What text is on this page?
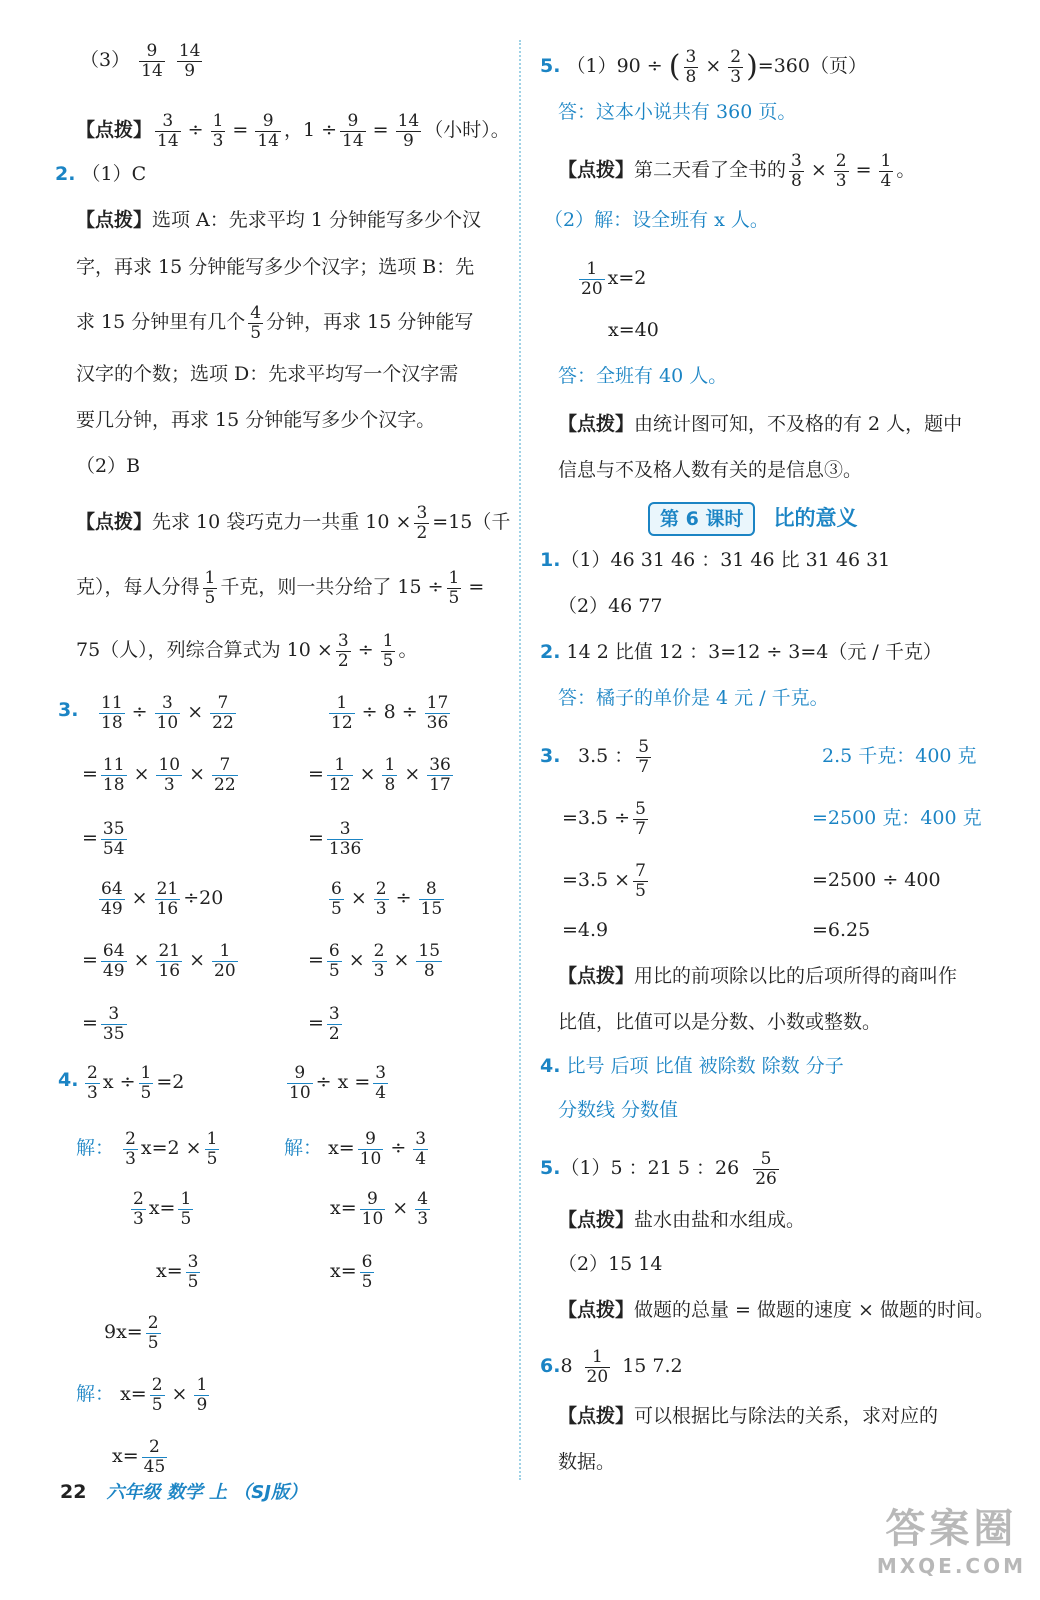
$(3) \frac{9}{14}$
$\frac{14}{9}$
【点拨】 $\frac{3}{14} \div \frac{1}{3} = \frac{9}{14}$ ，$1 \div \frac{9}{14} = \frac{14}{9}$ （小时）。
2. （1）C
【点拨】选项 A：先求平均 1 分钟能写多少个汉
字，再求 15 分钟能写多少个汉字；选项 B：先
求 15 分钟里有几个 $\frac{4}{5}$ 分钟，再求 15 分钟能写
汉字的个数；选项 D：先求平均写一个汉字需
要几分钟，再求 15 分钟能写多少个汉字。
（2）B
【点拨】先求 10 袋巧克力一共重 $10 \times \frac{3}{2} =15$（千
克），每人分得 $\frac{1}{5}$ 千克，则一共分给了 $15 \div \frac{1}{5}$ =
75（人），列综合算式为 $10 \times \frac{3}{2} \div \frac{1}{5}$ 。
3. $\frac{11}{18} \div \frac{3}{10} \times \frac{7}{22}$
= $\frac{11}{18} \times \frac{10}{3} \times \frac{7}{22}$
= $\frac{35}{54}$
$\frac{64}{49} \times \frac{21}{16} \div 20$
= $\frac{64}{49} \times \frac{21}{16} \times \frac{1}{20}$
= $\frac{3}{35}$
$\frac{1}{12} \div 8 \div \frac{17}{36}$
= $\frac{1}{12} \times \frac{1}{8} \times \frac{36}{17}$
= $\frac{3}{136}$
$\frac{6}{5} \times \frac{2}{3} \div \frac{8}{15}$
= $\frac{6}{5} \times \frac{2}{3} \times \frac{15}{8}$
= $\frac{3}{2}$
4. $\frac{2}{3}$ $x \div \frac{1}{5} =2$
解： $\frac{2}{3} x=2 \times \frac{1}{5}$
$\frac{2}{3} x= \frac{1}{5}$
$x= \frac{3}{5}$
$\frac{9}{10} \div x = \frac{3}{4}$
解： $x= \frac{9}{10} \div \frac{3}{4}$
$x= \frac{9}{10} \times \frac{4}{3}$
$x= \frac{6}{5}$
$9x= \frac{2}{5}$
解： $x= \frac{2}{5} \times \frac{1}{9}$
$x= \frac{2}{45}$
22 六年级 数学 上 （SJ版）
5. （1）90 ÷ ( $\frac{3}{8} \times \frac{2}{3} )=360$（页）
答：这本小说共有 360 页。
【点拨】第二天看了全书的 $\frac{3}{8} \times \frac{2}{3} = \frac{1}{4}$ 。
（2）解：设全班有 x 人。
$\frac{1}{20} x=2$
x=40
答：全班有 40 人。
【点拨】由统计图可知，不及格的有 2 人，题中
信息与不及格人数有关的是信息③。
第 6 课时 比的意义
1.（1）46 31 46 ：31 46 比 31 46 31
（2）46 77
2. 14 2 比值 12 ：3=12 ÷ 3=4（元 / 千克）
答：橘子的单价是 4 元 / 千克。
3. 3.5 ： $\frac{5}{7}$
$=3.5 \div \frac{5}{7}$
$=3.5 \times \frac{7}{5}$
=4.9
2.5 千克：400 克
=2500 克：400 克
=2500 ÷ 400
=6.25
【点拨】用比的前项除以比的后项所得的商叫作
比值，比值可以是分数、小数或整数。
4. 比号 后项 比值 被除数 除数 分子
分数线 分数值
5.（1）5 ：21 5 ：$26 \frac{5}{26}$
【点拨】盐水由盐和水组成。
（2）15 14
【点拨】做题的总量 = 做题的速度 × 做题的时间。
$6.8 \frac{1}{20} 15$ 7.2
【点拨】可以根据比与除法的关系，求对应的
数据。
答案圈
MXQE.COM
